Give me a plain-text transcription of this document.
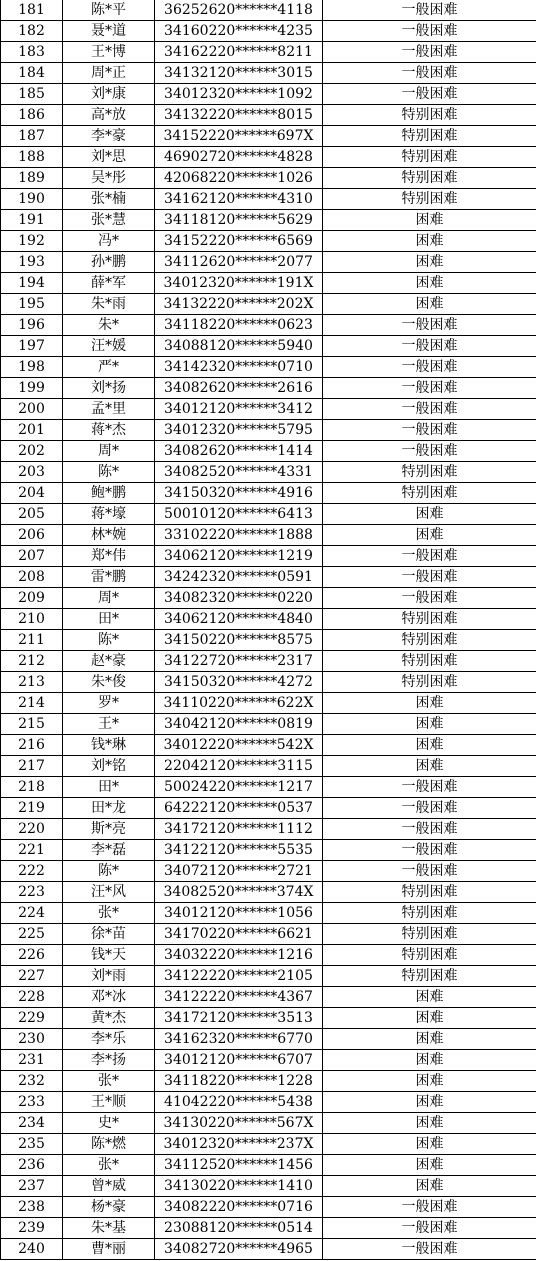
181	陈*平	36252620******4118	一般困难
182	聂*道	34160220******4235	一般困难
183	王*博	34162220******8211	一般困难
184	周*正	34132120******3015	一般困难
185	刘*康	34012320******1092	一般困难
186	高*放	34132220******8015	特别困难
187	李*豪	34152220******697X	特别困难
188	刘*思	46902720******4828	特别困难
189	吴*彤	42068220******1026	特别困难
190	张*楠	34162120******4310	特别困难
191	张*慧	34118120******5629	困难
192	冯*	34152220******6569	困难
193	孙*鹏	34112620******2077	困难
194	薛*军	34012320******191X	困难
195	朱*雨	34132220******202X	困难
196	朱*	34118220******0623	一般困难
197	汪*媛	34088120******5940	一般困难
198	严*	34142320******0710	一般困难
199	刘*扬	34082620******2616	一般困难
200	孟*里	34012120******3412	一般困难
201	蒋*杰	34012320******5795	一般困难
202	周*	34082620******1414	一般困难
203	陈*	34082520******4331	特别困难
204	鲍*鹏	34150320******4916	特别困难
205	蒋*壕	50010120******6413	困难
206	林*婉	33102220******1888	困难
207	郑*伟	34062120******1219	一般困难
208	雷*鹏	34242320******0591	一般困难
209	周*	34082320******0220	一般困难
210	田*	34062120******4840	特别困难
211	陈*	34150220******8575	特别困难
212	赵*豪	34122720******2317	特别困难
213	朱*俊	34150320******4272	特别困难
214	罗*	34110220******622X	困难
215	王*	34042120******0819	困难
216	钱*琳	34012220******542X	困难
217	刘*铭	22042120******3115	困难
218	田*	50024220******1217	一般困难
219	田*龙	64222120******0537	一般困难
220	斯*亮	34172120******1112	一般困难
221	李*磊	34122120******5535	一般困难
222	陈*	34072120******2721	一般困难
223	汪*风	34082520******374X	特别困难
224	张*	34012120******1056	特别困难
225	徐*苗	34170220******6621	特别困难
226	钱*天	34032220******1216	特别困难
227	刘*雨	34122220******2105	特别困难
228	邓*冰	34122220******4367	困难
229	黄*杰	34172120******3513	困难
230	李*乐	34162320******6770	困难
231	李*扬	34012120******6707	困难
232	张*	34118220******1228	困难
233	王*顺	41042220******5438	困难
234	史*	34130220******567X	困难
235	陈*燃	34012320******237X	困难
236	张*	34112520******1456	困难
237	曾*威	34130220******1410	困难
238	杨*豪	34082220******0716	一般困难
239	朱*基	23088120******0514	一般困难
240	曹*丽	34082720******4965	一般困难
